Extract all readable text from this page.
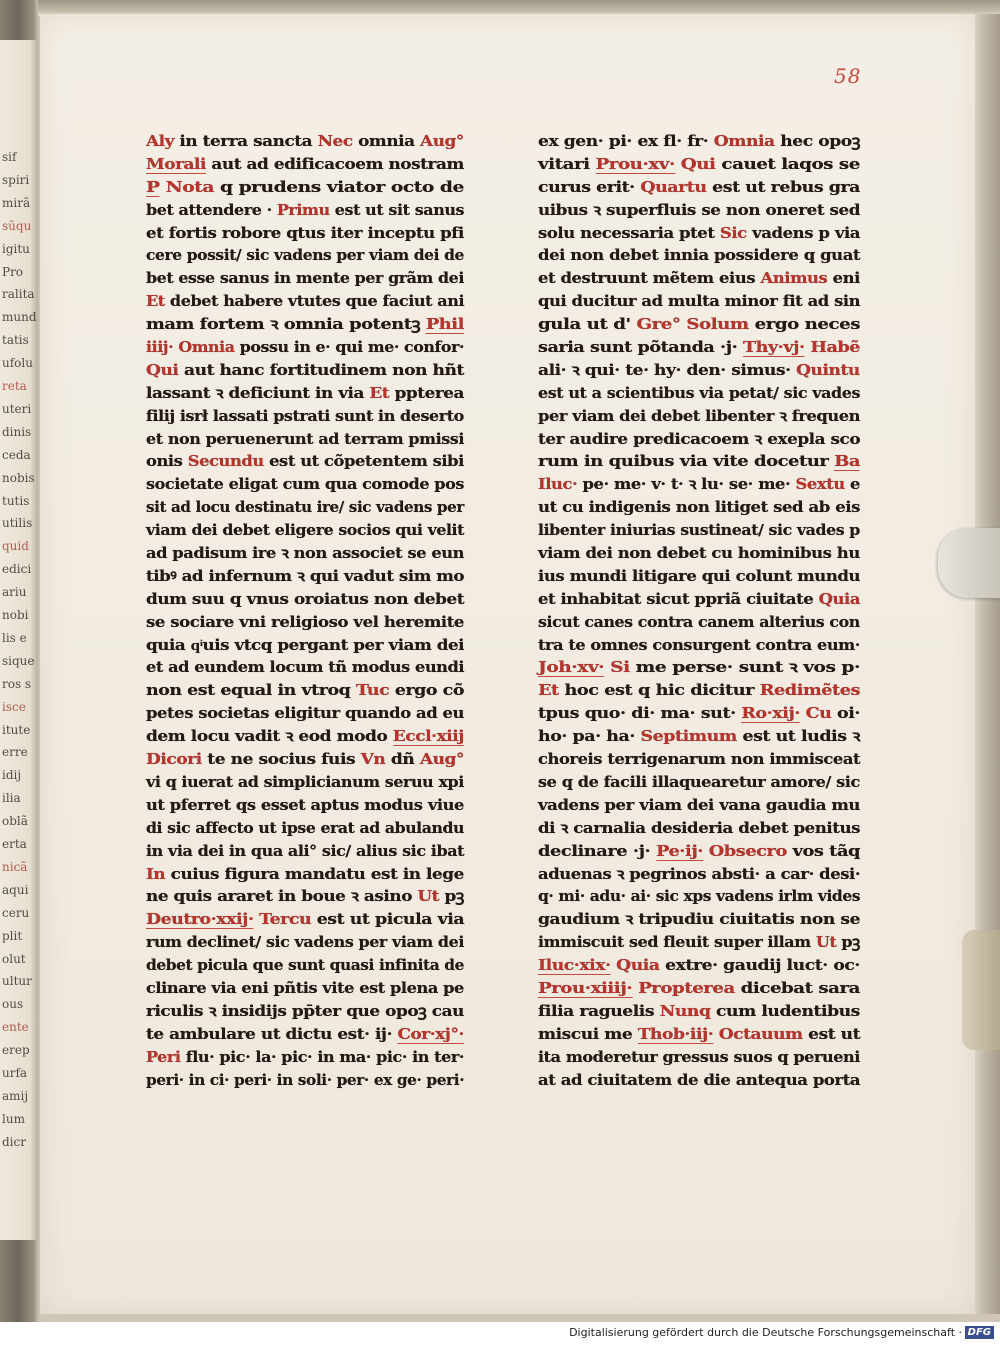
sif
spiri
mirã
sũqu
igitu
Pro
ralita
mund
tatis
ufolu
reta
uteri
dinis
ceda
nobis
tutis
utilis
quid
edici
ariu
nobi
lis e
sique
ros s
isce
itute
erre
idij
ilia
oblã
erta
nicã
aqui
ceru
plit
olut
ultur
ous
ente
erep
urfa
amij
lum
dicr
58
Aly in terra sancta Nec omnia Aug°
Morali aut ad edificacoem nostram
P Nota q prudens viator octo de
bet attendere · Primu est ut sit sanus
et fortis robore qtus iter inceptu pfi
cere possit/ sic vadens per viam dei de
bet esse sanus in mente per grãm dei
Et debet habere vtutes que faciut ani
mam fortem ꝛ omnia potentꝫ Phil
iiij· Omnia possu in e· qui me· confor·
Qui aut hanc fortitudinem non hñt
lassant ꝛ deficiunt in via Et ppterea
filij isrł lassati pstrati sunt in deserto
et non peruenerunt ad terram pmissi
onis Secundu est ut cõpetentem sibi
societate eligat cum qua comode pos
sit ad locu destinatu ire/ sic vadens per
viam dei debet eligere socios qui velit
ad padisum ire ꝛ non associet se eun
tibꝰ ad infernum ꝛ qui vadut sim mo
dum suu q vnus oroiatus non debet
se sociare vni religioso vel heremite
quia qͥuis vtcq pergant per viam dei
et ad eundem locum tñ modus eundi
non est equal in vtroq Tuc ergo cõ
petes societas eligitur quando ad eu
dem locu vadit ꝛ eod modo Eccl·xiij
Dicori te ne socius fuis Vn dñ Aug°
vi q iuerat ad simplicianum seruu xpi
ut pferret qs esset aptus modus viue
di sic affecto ut ipse erat ad abulandu
in via dei in qua ali° sic/ alius sic ibat
In cuius figura mandatu est in lege
ne quis araret in boue ꝛ asino Ut pꝫ
Deutro·xxij· Tercu est ut picula via
rum declinet/ sic vadens per viam dei
debet picula que sunt quasi infinita de
clinare via eni pñtis vite est plena pe
riculis ꝛ insidijs pp̄ter que opoꝫ cau
te ambulare ut dictu est· ij· Cor·xj°·
Peri flu· pic· la· pic· in ma· pic· in ter·
peri· in ci· peri· in soli· per· ex ge· peri·
ex gen· pi· ex fl· fr· Omnia hec opoꝫ
vitari Prou·xv· Qui cauet laqos se
curus erit· Quartu est ut rebus gra
uibus ꝛ superfluis se non oneret sed
solu necessaria ptet Sic vadens p via
dei non debet innia possidere q guat
et destruunt mẽtem eius Animus eni
qui ducitur ad multa minor fit ad sin
gula ut d' Gre° Solum ergo neces
saria sunt põtanda ·j· Thy·vj· Habẽ
ali· ꝛ qui· te· hy· den· simus· Quintu
est ut a scientibus via petat/ sic vades
per viam dei debet libenter ꝛ frequen
ter audire predicacoem ꝛ exepla sco
rum in quibus via vite docetur Ba
Iluc· pe· me· v· t· ꝛ lu· se· me· Sextu e
ut cu indigenis non litiget sed ab eis
libenter iniurias sustineat/ sic vades p
viam dei non debet cu hominibus hu
ius mundi litigare qui colunt mundu
et inhabitat sicut ppriã ciuitate Quia
sicut canes contra canem alterius con
tra te omnes consurgent contra eum·
Joh·xv· Si me perse· sunt ꝛ vos p·
Et hoc est q hic dicitur Redimẽtes
tpus quo· di· ma· sut· Ro·xij· Cu oi·
ho· pa· ha· Septimum est ut ludis ꝛ
choreis terrigenarum non immisceat
se q de facili illaquearetur amore/ sic
vadens per viam dei vana gaudia mu
di ꝛ carnalia desideria debet penitus
declinare ·j· Pe·ij· Obsecro vos tãq
aduenas ꝛ pegrinos absti· a car· desi·
q· mi· adu· ai· sic xps vadens irlm vides
gaudium ꝛ tripudiu ciuitatis non se
immiscuit sed fleuit super illam Ut pꝫ
Iluc·xix· Quia extre· gaudij luct· oc·
Prou·xiiij· Propterea dicebat sara
filia raguelis Nunq cum ludentibus
miscui me Thob·iij· Octauum est ut
ita moderetur gressus suos q perueni
at ad ciuitatem de die antequa porta
Digitalisierung gefördert durch die Deutsche Forschungsgemeinschaft · DFG
